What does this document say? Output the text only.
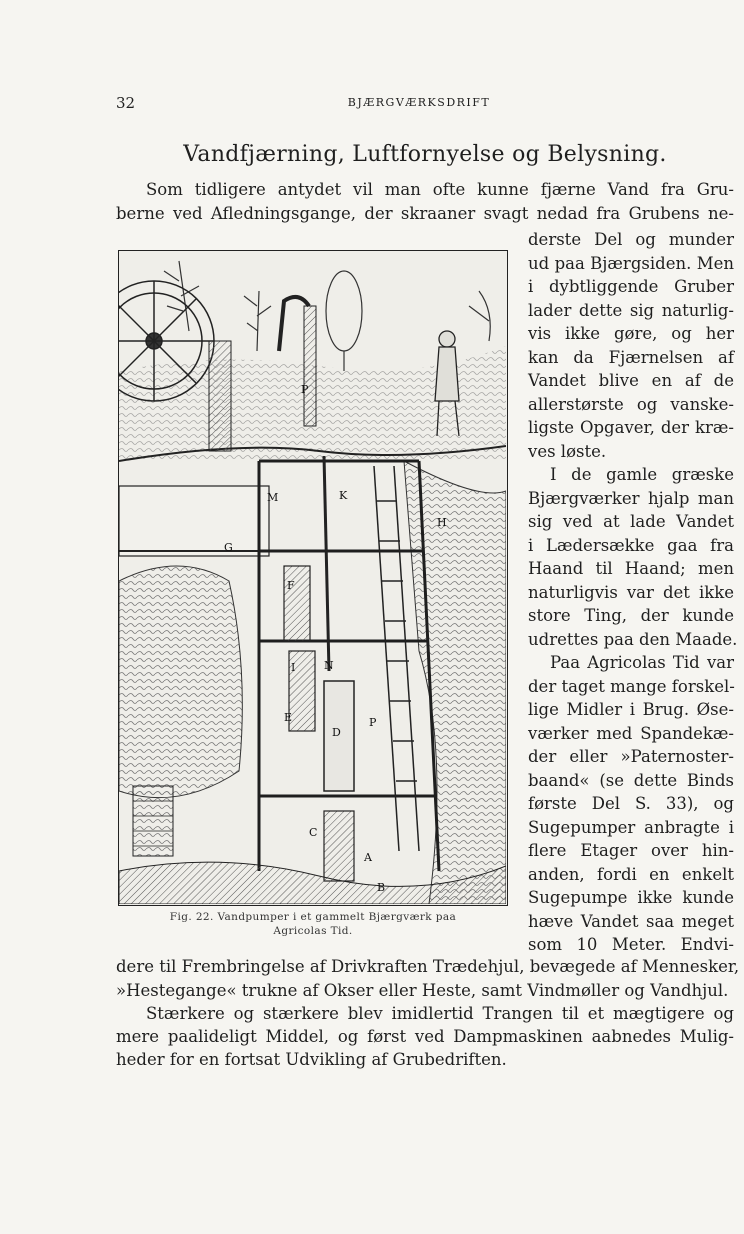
32	BJÆRGVÆRKSDRIFT
Vandfjærning, Luftfornyelse og Belysning.
Som tidligere antydet vil man ofte kunne fjærne Vand fra Gru-
berne ved Afledningsgange, der skraaner svagt nedad fra Grubens ne-
derste Del og munder
ud paa Bjærgsiden. Men
i dybtliggende Gruber
lader dette sig naturlig-
vis ikke gøre, og her
kan da Fjærnelsen af
Vandet blive en af de
allerstørste og vanske-
ligste Opgaver, der kræ-
ves løste.
I de gamle græske
Bjærgværker hjalp man
sig ved at lade Vandet
i Lædersække gaa fra
Haand til Haand; men
naturligvis var det ikke
store Ting, der kunde
udrettes paa den Maade.
Paa Agricolas Tid var
der taget mange forskel-
lige Midler i Brug. Øse-
værker med Spandekæ-
der eller »Paternoster-
baand« (se dette Binds
første Del S. 33), og
Sugepumper anbragte i
flere Etager over hin-
anden, fordi en enkelt
Sugepumpe ikke kunde
hæve Vandet saa meget
som 10 Meter. Endvi-
P
M	K
H
G
F
I	N
E
D
P
C
B
A
Fig. 22. Vandpumper i et gammelt Bjærgværk paa
Agricolas Tid.
dere til Frembringelse af Drivkraften Trædehjul, bevægede af Mennesker,
»Hestegange« trukne af Okser eller Heste, samt Vindmøller og Vandhjul.
Stærkere og stærkere blev imidlertid Trangen til et mægtigere og
mere paalideligt Middel, og først ved Dampmaskinen aabnedes Mulig-
heder for en fortsat Udvikling af Grubedriften.
